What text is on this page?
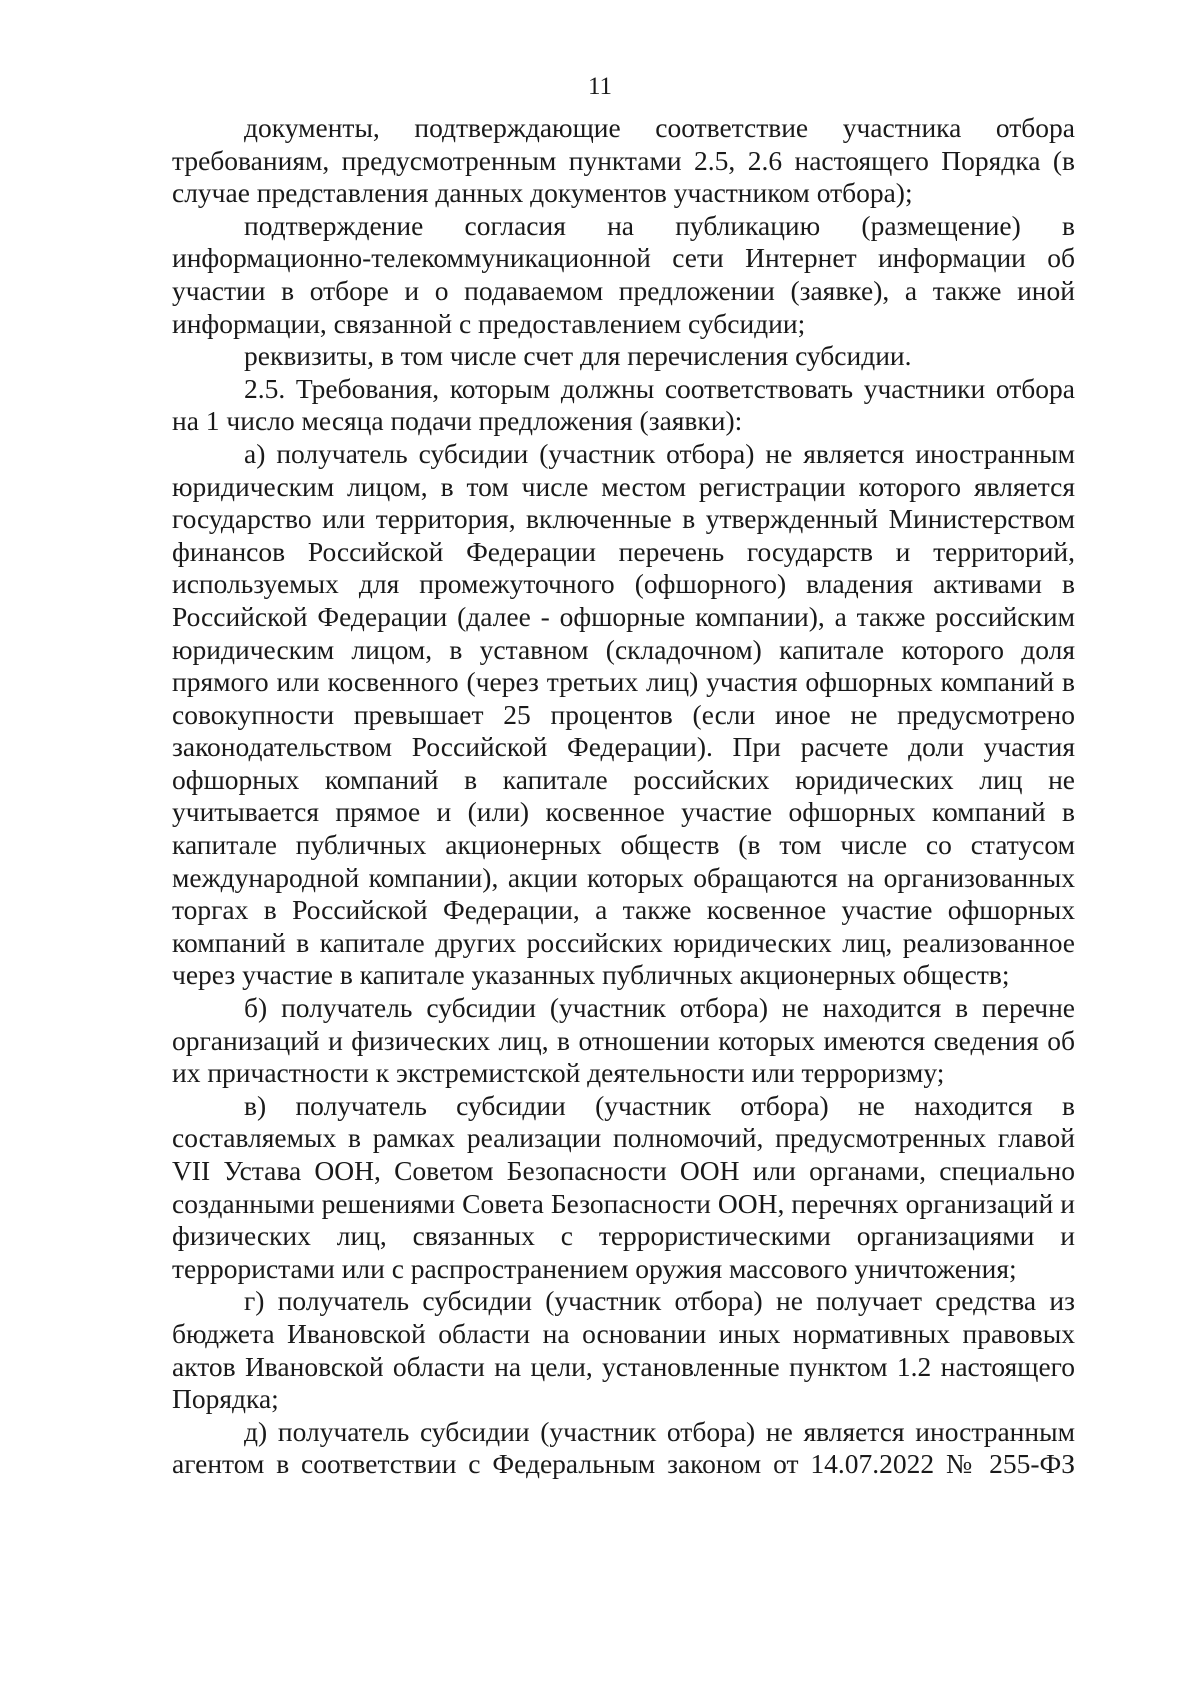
11

документы, подтверждающие соответствие участника отбора требованиям, предусмотренным пунктами 2.5, 2.6 настоящего Порядка (в случае представления данных документов участником отбора);

подтверждение согласия на публикацию (размещение) в информационно-телекоммуникационной сети Интернет информации об участии в отборе и о подаваемом предложении (заявке), а также иной информации, связанной с предоставлением субсидии;

реквизиты, в том числе счет для перечисления субсидии.

2.5. Требования, которым должны соответствовать участники отбора на 1 число месяца подачи предложения (заявки):

а) получатель субсидии (участник отбора) не является иностранным юридическим лицом, в том числе местом регистрации которого является государство или территория, включенные в утвержденный Министерством финансов Российской Федерации перечень государств и территорий, используемых для промежуточного (офшорного) владения активами в Российской Федерации (далее - офшорные компании), а также российским юридическим лицом, в уставном (складочном) капитале которого доля прямого или косвенного (через третьих лиц) участия офшорных компаний в совокупности превышает 25 процентов (если иное не предусмотрено законодательством Российской Федерации). При расчете доли участия офшорных компаний в капитале российских юридических лиц не учитывается прямое и (или) косвенное участие офшорных компаний в капитале публичных акционерных обществ (в том числе со статусом международной компании), акции которых обращаются на организованных торгах в Российской Федерации, а также косвенное участие офшорных компаний в капитале других российских юридических лиц, реализованное через участие в капитале указанных публичных акционерных обществ;

б) получатель субсидии (участник отбора) не находится в перечне организаций и физических лиц, в отношении которых имеются сведения об их причастности к экстремистской деятельности или терроризму;

в) получатель субсидии (участник отбора) не находится в составляемых в рамках реализации полномочий, предусмотренных главой VII Устава ООН, Советом Безопасности ООН или органами, специально созданными решениями Совета Безопасности ООН, перечнях организаций и физических лиц, связанных с террористическими организациями и террористами или с распространением оружия массового уничтожения;

г) получатель субсидии (участник отбора) не получает средства из бюджета Ивановской области на основании иных нормативных правовых актов Ивановской области на цели, установленные пунктом 1.2 настоящего Порядка;

д) получатель субсидии (участник отбора) не является иностранным агентом в соответствии с Федеральным законом от 14.07.2022 № 255-ФЗ
